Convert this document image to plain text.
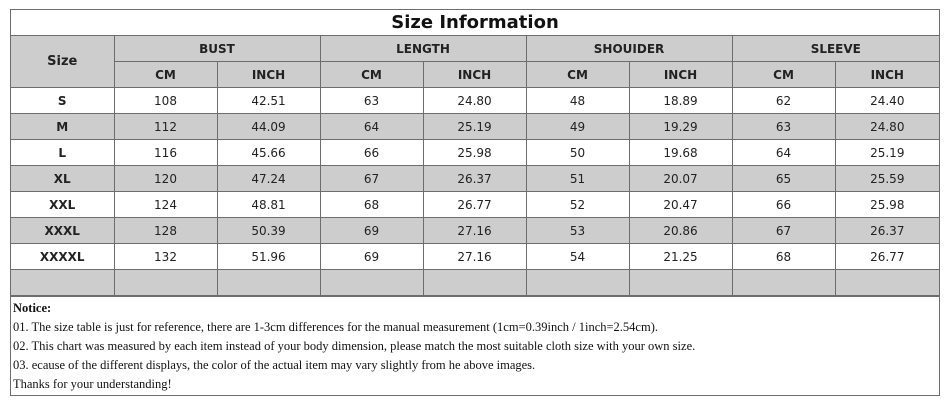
Size Information
Size	BUST		LENGTH		SHOUIDER		SLEEVE	
	CM	INCH	CM	INCH	CM	INCH	CM	INCH
S	108	42.51	63	24.80	48	18.89	62	24.40
M	112	44.09	64	25.19	49	19.29	63	24.80
L	116	45.66	66	25.98	50	19.68	64	25.19
XL	120	47.24	67	26.37	51	20.07	65	25.59
XXL	124	48.81	68	26.77	52	20.47	66	25.98
XXXL	128	50.39	69	27.16	53	20.86	67	26.37
XXXXL	132	51.96	69	27.16	54	21.25	68	26.77

Notice:
01. The size table is just for reference, there are 1-3cm differences for the manual measurement (1cm=0.39inch / 1inch=2.54cm).
02. This chart was measured by each item instead of your body dimension, please match the most suitable cloth size with your own size.
03. ecause of the different displays, the color of the actual item may vary slightly from he above images.
Thanks for your understanding!
